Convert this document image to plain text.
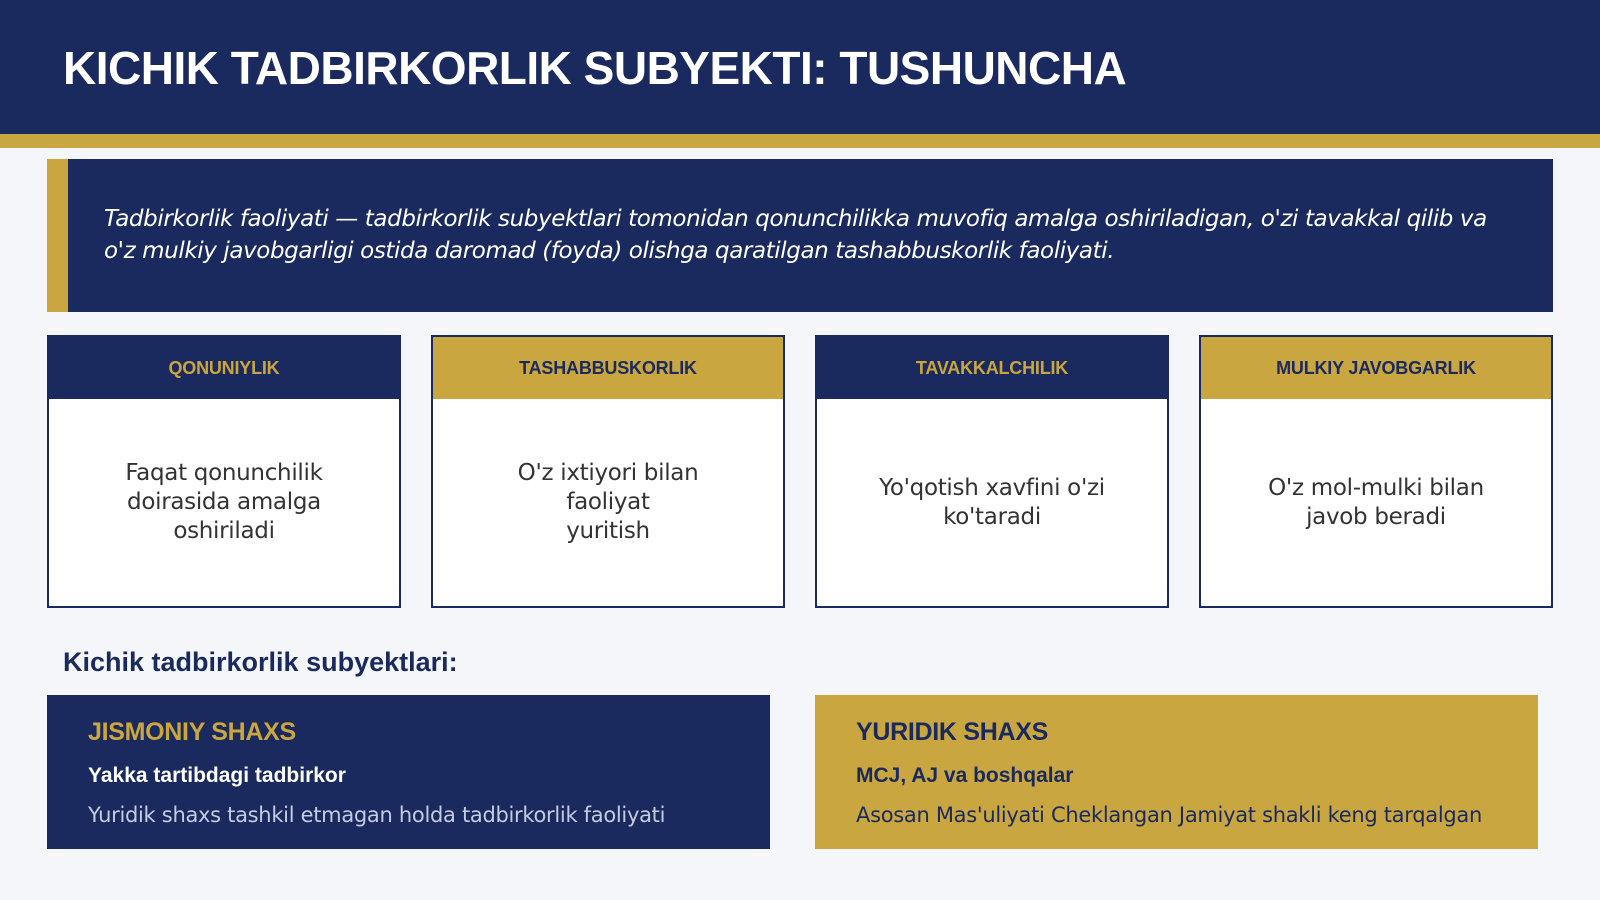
KICHIK TADBIRKORLIK SUBYEKTI: TUSHUNCHA

Tadbirkorlik faoliyati — tadbirkorlik subyektlari tomonidan qonunchilikka muvofiq amalga oshiriladigan, o'zi tavakkal qilib va o'z mulkiy javobgarligi ostida daromad (foyda) olishga qaratilgan tashabbuskorlik faoliyati.

QONUNIYLIK
Faqat qonunchilik
doirasida amalga
oshiriladi
TASHABBUSKORLIK
O'z ixtiyori bilan faoliyat
yuritish
TAVAKKALCHILIK
Yo'qotish xavfini o'zi
ko'taradi
MULKIY JAVOBGARLIK
O'z mol-mulki bilan
javob beradi
Kichik tadbirkorlik subyektlari:
JISMONIY SHAXS
Yakka tartibdagi tadbirkor
Yuridik shaxs tashkil etmagan holda tadbirkorlik faoliyati
YURIDIK SHAXS
MCJ, AJ va boshqalar
Asosan Mas'uliyati Cheklangan Jamiyat shakli keng tarqalgan
